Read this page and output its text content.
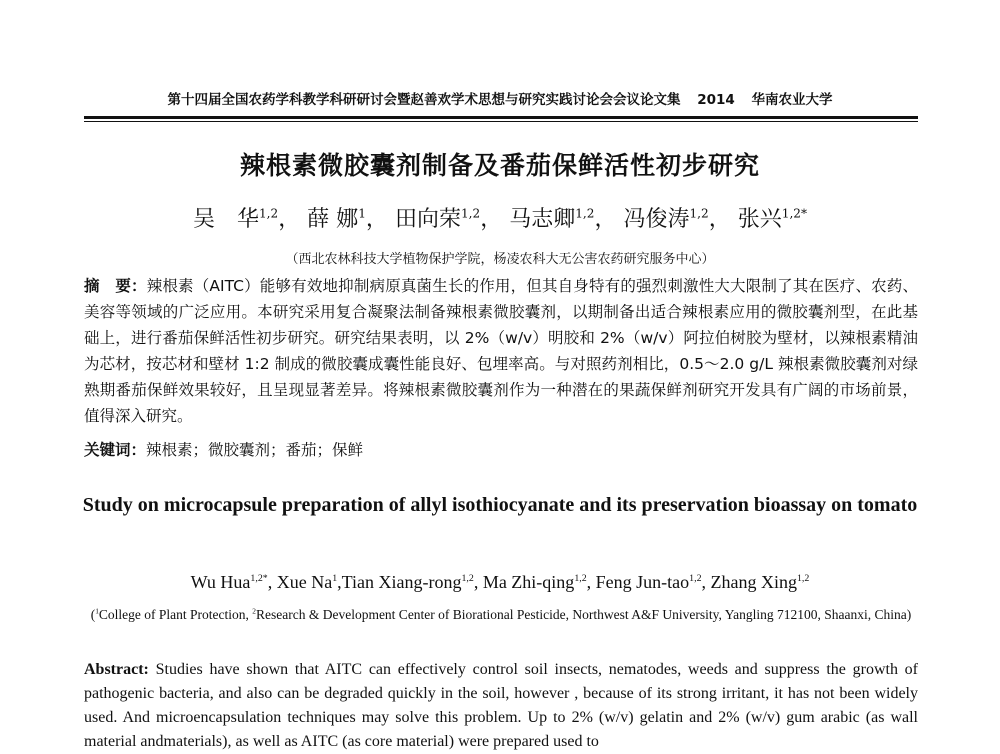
第十四届全国农药学科教学科研研讨会暨赵善欢学术思想与研究实践讨论会会议论文集 2014 华南农业大学
辣根素微胶囊剂制备及番茄保鲜活性初步研究
吴　华$^{1,2}$， 薛 娜$^1$， 田向荣$^{1,2}$， 马志卿$^{1,2}$， 冯俊涛$^{1,2}$， 张兴$^{1,2*}$
（西北农林科技大学植物保护学院，杨凌农科大无公害农药研究服务中心）
摘　要：辣根素（AITC）能够有效地抑制病原真菌生长的作用，但其自身特有的强烈刺激性大大限制了其在医疗、农药、美容等领域的广泛应用。本研究采用复合凝聚法制备辣根素微胶囊剂，以期制备出适合辣根素应用的微胶囊剂型，在此基础上，进行番茄保鲜活性初步研究。研究结果表明，以 2%（w/v）明胶和 2%（w/v）阿拉伯树胶为壁材，以辣根素精油为芯材，按芯材和壁材 1:2 制成的微胶囊成囊性能良好、包埋率高。与对照药剂相比，0.5～2.0 g/L 辣根素微胶囊剂对绿熟期番茄保鲜效果较好，且呈现显著差异。将辣根素微胶囊剂作为一种潜在的果蔬保鲜剂研究开发具有广阔的市场前景，值得深入研究。
关键词：辣根素；微胶囊剂；番茄；保鲜
Study on microcapsule preparation of allyl isothiocyanate and its preservation bioassay on tomato
Wu Hua$^{1,2*}$, Xue Na$^1$,Tian Xiang-rong$^{1,2}$, Ma Zhi-qing$^{1,2}$, Feng Jun-tao$^{1,2}$, Zhang Xing$^{1,2}$
($^1$College of Plant Protection, $^2$Research & Development Center of Biorational Pesticide, Northwest A&F University, Yangling 712100, Shaanxi, China)
Abstract: Studies have shown that AITC can effectively control soil insects, nematodes, weeds and suppress the growth of pathogenic bacteria, and also can be degraded quickly in the soil, however , because of its strong irritant, it has not been widely used. And microencapsulation techniques may solve this problem. Up to 2% (w/v) gelatin and 2% (w/v) gum arabic (as wall material andmaterials), as well as AITC (as core material) were prepared used to
